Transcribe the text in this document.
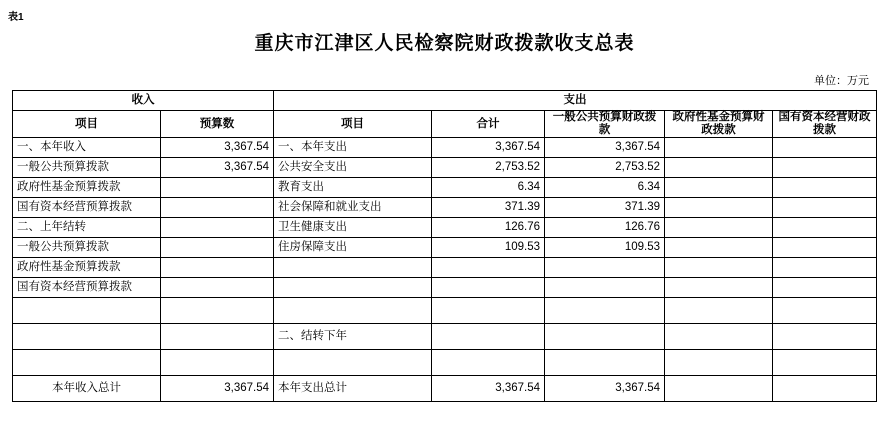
表1
重庆市江津区人民检察院财政拨款收支总表
单位：万元
收入		支出				
项目	预算数	项目	合计	一般公共预算财政拨款	政府性基金预算财政拨款	国有资本经营财政拨款
一、本年收入	3,367.54	一、本年支出	3,367.54	3,367.54		
一般公共预算拨款	3,367.54	公共安全支出	2,753.52	2,753.52		
政府性基金预算拨款		教育支出	6.34	6.34		
国有资本经营预算拨款		社会保障和就业支出	371.39	371.39		
二、上年结转		卫生健康支出	126.76	126.76		
一般公共预算拨款		住房保障支出	109.53	109.53		
政府性基金预算拨款						
国有资本经营预算拨款						

		二、结转下年				

本年收入总计	3,367.54	本年支出总计	3,367.54	3,367.54		
